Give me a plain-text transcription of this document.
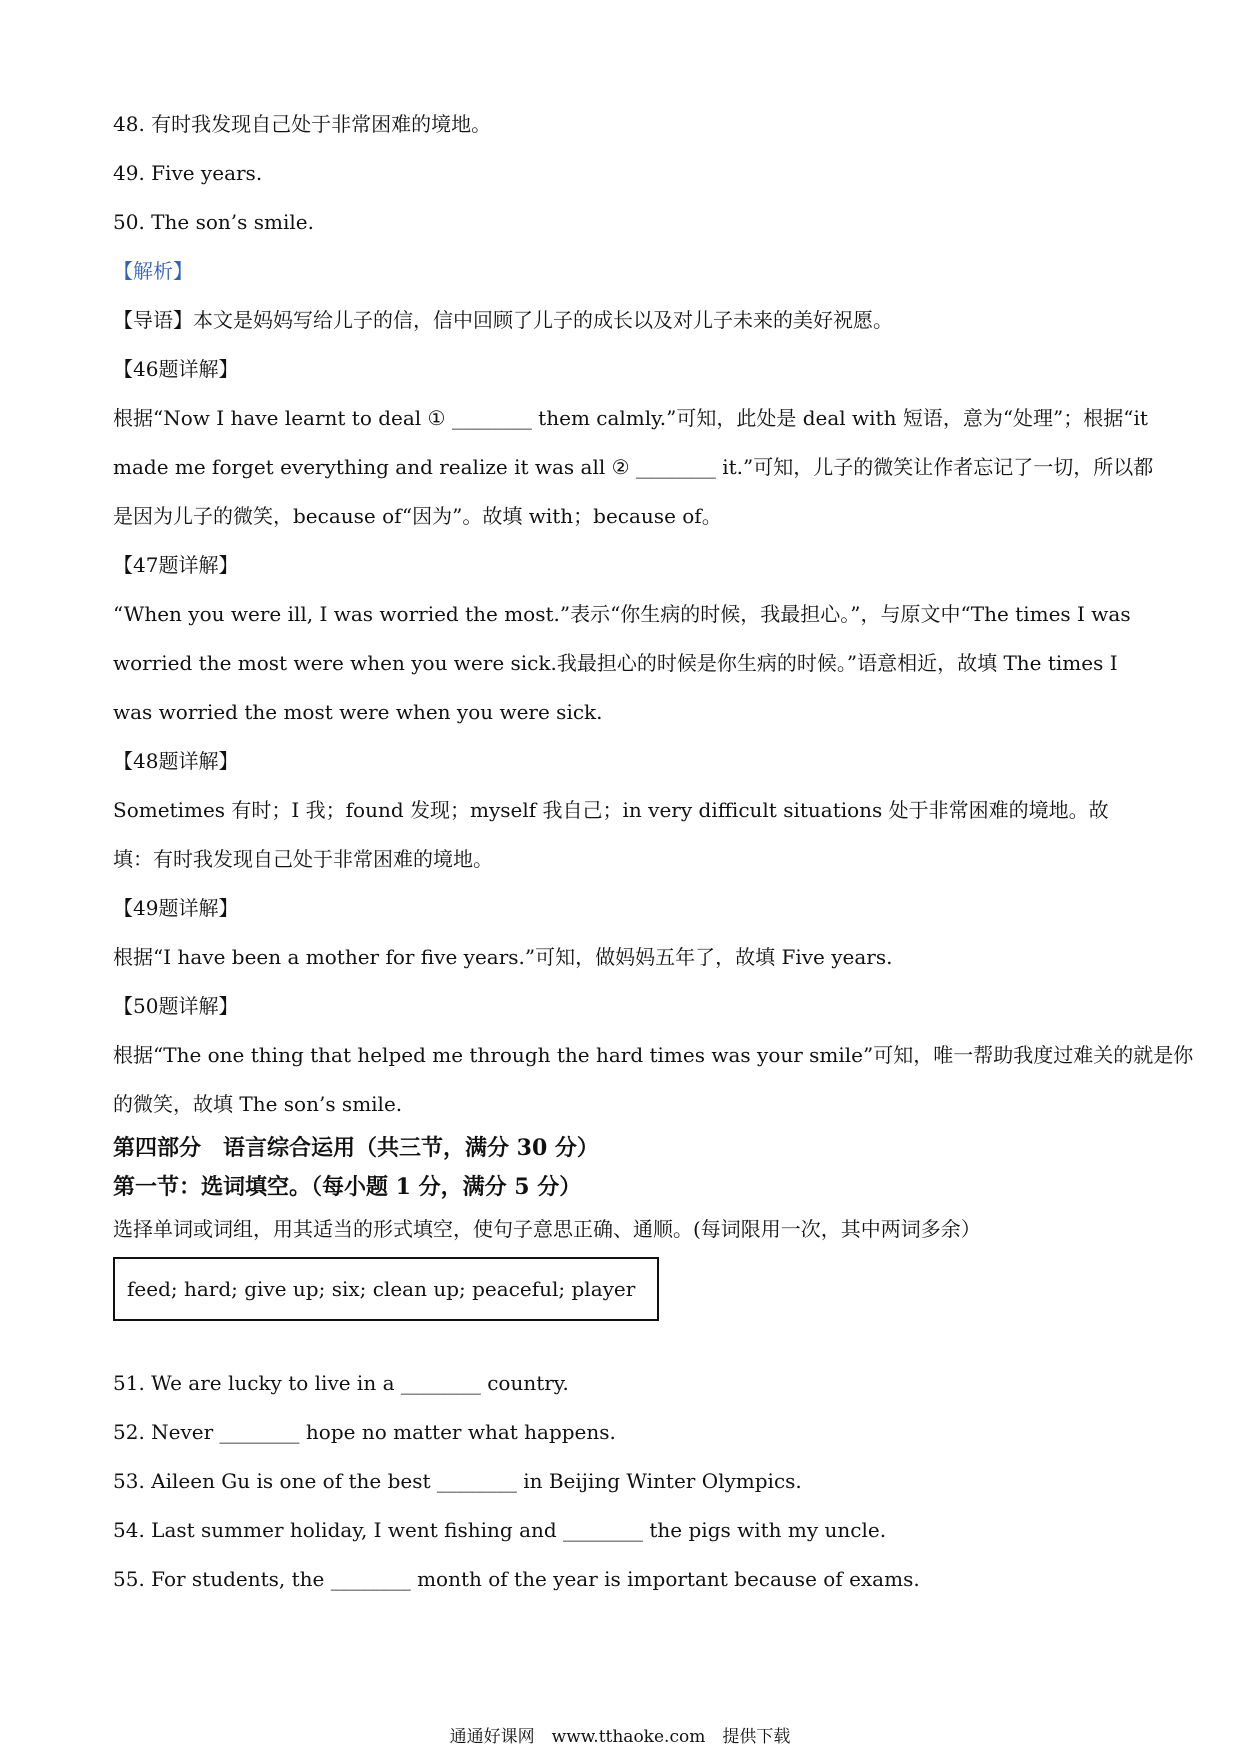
48. 有时我发现自己处于非常困难的境地。
49. Five years.
50. The son’s smile.
【解析】
【导语】本文是妈妈写给儿子的信，信中回顾了儿子的成长以及对儿子未来的美好祝愿。
【46题详解】
根据“Now I have learnt to deal ① ________ them calmly.”可知，此处是 deal with 短语，意为“处理”；根据“it
made me forget everything and realize it was all ② ________ it.”可知，儿子的微笑让作者忘记了一切，所以都
是因为儿子的微笑，because of“因为”。故填 with；because of。
【47题详解】
“When you were ill, I was worried the most.”表示“你生病的时候，我最担心。”，与原文中“The times I was
worried the most were when you were sick.我最担心的时候是你生病的时候。”语意相近，故填 The times I
was worried the most were when you were sick.
【48题详解】
Sometimes 有时；I 我；found 发现；myself 我自己；in very difficult situations 处于非常困难的境地。故
填：有时我发现自己处于非常困难的境地。
【49题详解】
根据“I have been a mother for five years.”可知，做妈妈五年了，故填 Five years.
【50题详解】
根据“The one thing that helped me through the hard times was your smile”可知，唯一帮助我度过难关的就是你
的微笑，故填 The son’s smile.
第四部分　语言综合运用（共三节，满分 30 分）
第一节：选词填空。（每小题 1 分，满分 5 分）
选择单词或词组，用其适当的形式填空，使句子意思正确、通顺。(每词限用一次，其中两词多余）
feed; hard; give up; six; clean up; peaceful; player
51. We are lucky to live in a ________ country.
52. Never ________ hope no matter what happens.
53. Aileen Gu is one of the best ________ in Beijing Winter Olympics.
54. Last summer holiday, I went fishing and ________ the pigs with my uncle.
55. For students, the ________ month of the year is important because of exams.
通通好课网　www.tthaoke.com　提供下载
